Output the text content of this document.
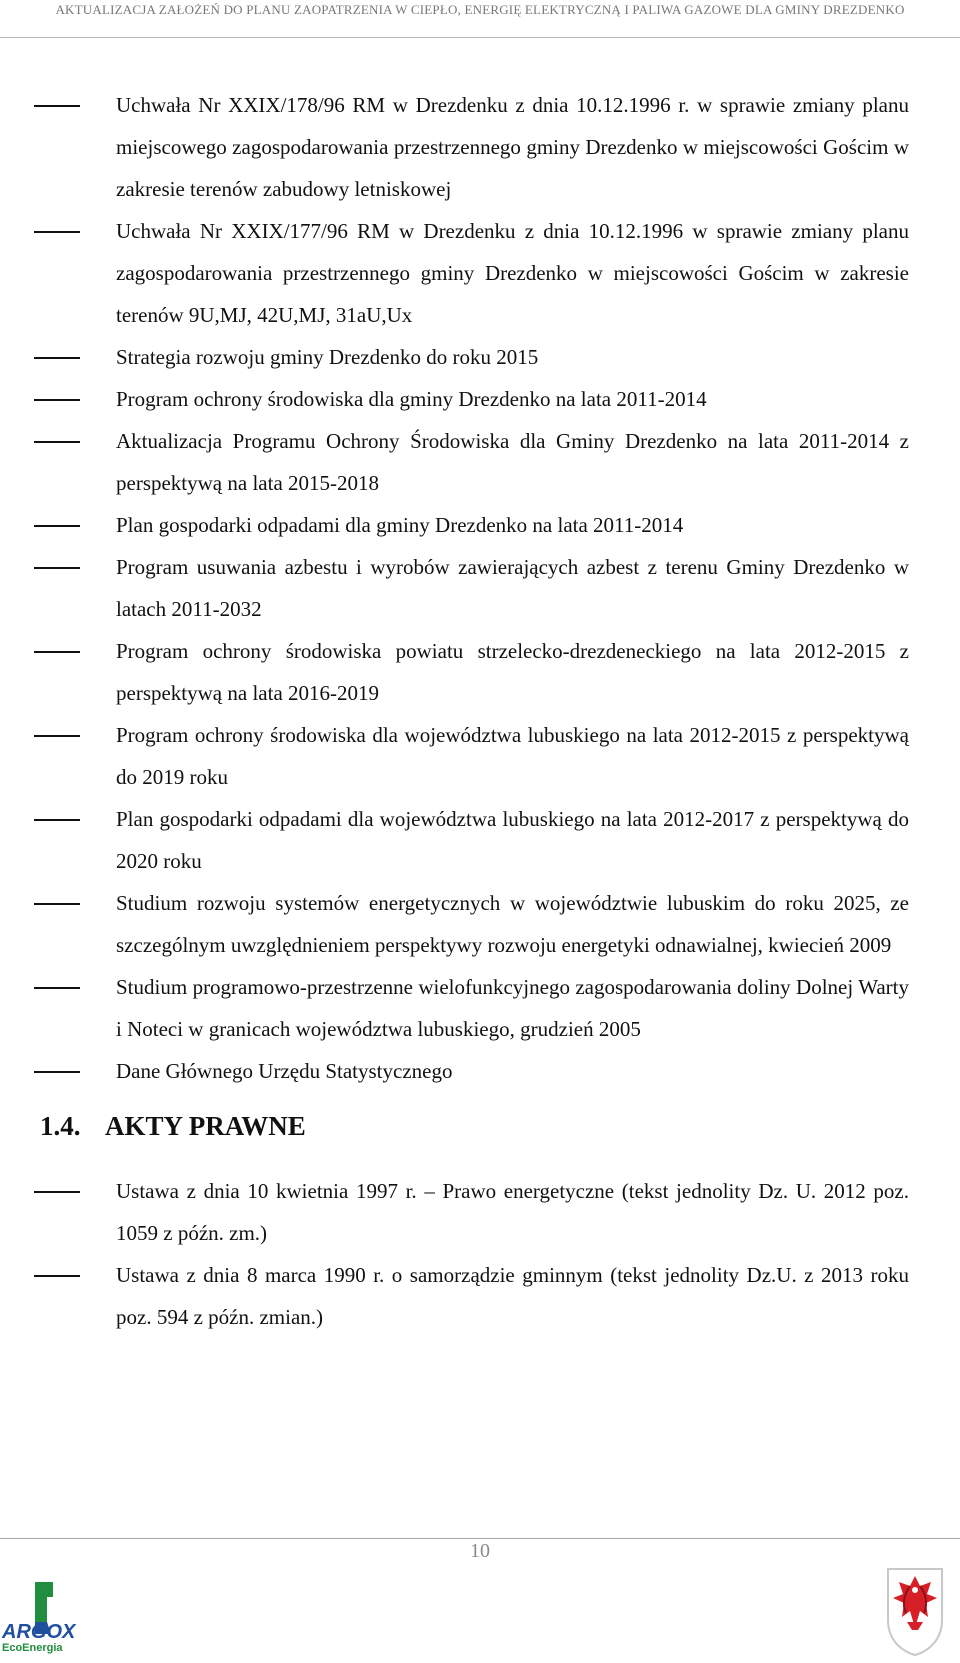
AKTUALIZACJA ZAŁOŻEŃ DO PLANU ZAOPATRZENIA W CIEPŁO, ENERGIĘ ELEKTRYCZNĄ I PALIWA GAZOWE DLA GMINY DREZDENKO
Uchwała Nr XXIX/178/96 RM w Drezdenku z dnia 10.12.1996 r. w sprawie zmiany planu miejscowego zagospodarowania przestrzennego gminy Drezdenko w miejscowości Gościm w zakresie terenów zabudowy letniskowej
Uchwała Nr XXIX/177/96 RM w Drezdenku z dnia 10.12.1996 w sprawie zmiany planu zagospodarowania przestrzennego gminy Drezdenko w miejscowości Gościm w zakresie terenów 9U,MJ, 42U,MJ, 31aU,Ux
Strategia rozwoju gminy Drezdenko do roku 2015
Program ochrony środowiska dla gminy Drezdenko na lata 2011-2014
Aktualizacja Programu Ochrony Środowiska dla Gminy Drezdenko na lata 2011-2014 z perspektywą na lata 2015-2018
Plan gospodarki odpadami dla gminy Drezdenko na lata 2011-2014
Program usuwania azbestu i wyrobów zawierających azbest z terenu Gminy Drezdenko w latach 2011-2032
Program ochrony środowiska powiatu strzelecko-drezdeneckiego na lata 2012-2015 z perspektywą na lata 2016-2019
Program ochrony środowiska dla województwa lubuskiego na lata 2012-2015 z perspektywą do 2019 roku
Plan gospodarki odpadami dla województwa lubuskiego na lata 2012-2017 z perspektywą do 2020 roku
Studium rozwoju systemów energetycznych w województwie lubuskim do roku 2025, ze szczególnym uwzględnieniem perspektywy rozwoju energetyki odnawialnej, kwiecień 2009
Studium programowo-przestrzenne wielofunkcyjnego zagospodarowania doliny Dolnej Warty i Noteci w granicach województwa lubuskiego, grudzień 2005
Dane Głównego Urzędu Statystycznego
1.4. AKTY PRAWNE
Ustawa z dnia 10 kwietnia 1997 r. – Prawo energetyczne (tekst jednolity Dz. U. 2012 poz. 1059 z późn. zm.)
Ustawa z dnia 8 marca 1990 r. o samorządzie gminnym (tekst jednolity Dz.U. z 2013 roku poz. 594 z późn. zmian.)
10
ARGOX
EcoEnergia
